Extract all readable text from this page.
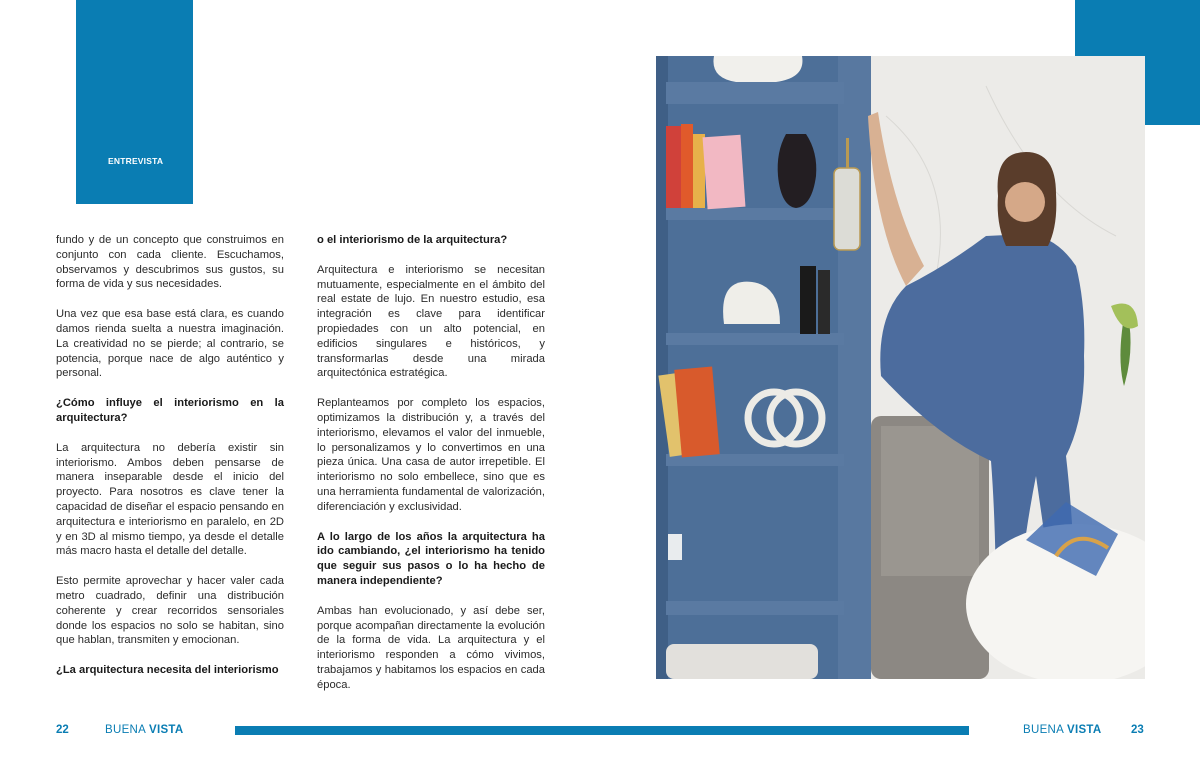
ENTREVISTA

fundo y de un concepto que construimos en conjunto con cada cliente. Escuchamos, observamos y descubrimos sus gustos, su forma de vida y sus necesidades.

Una vez que esa base está clara, es cuando damos rienda suelta a nuestra imaginación. La creatividad no se pierde; al contrario, se potencia, porque nace de algo auténtico y personal.

¿Cómo influye el interiorismo en la arquitectura?

La arquitectura no debería existir sin interiorismo. Ambos deben pensarse de manera inseparable desde el inicio del proyecto. Para nosotros es clave tener la capacidad de diseñar el espacio pensando en arquitectura e interiorismo en paralelo, en 2D y en 3D al mismo tiempo, ya desde el detalle más macro hasta el detalle del detalle.

Esto permite aprovechar y hacer valer cada metro cuadrado, definir una distribución coherente y crear recorridos sensoriales donde los espacios no solo se habitan, sino que hablan, transmiten y emocionan.

¿La arquitectura necesita del interiorismo

o el interiorismo de la arquitectura?

Arquitectura e interiorismo se necesitan mutuamente, especialmente en el ámbito del real estate de lujo. En nuestro estudio, esa integración es clave para identificar propiedades con un alto potencial, en edificios singulares e históricos, y transformarlas desde una mirada arquitectónica estratégica.

Replanteamos por completo los espacios, optimizamos la distribución y, a través del interiorismo, elevamos el valor del inmueble, lo personalizamos y lo convertimos en una pieza única. Una casa de autor irrepetible. El interiorismo no solo embellece, sino que es una herramienta fundamental de valorización, diferenciación y exclusividad.

A lo largo de los años la arquitectura ha ido cambiando, ¿el interiorismo ha tenido que seguir sus pasos o lo ha hecho de manera independiente?

Ambas han evolucionado, y así debe ser, porque acompañan directamente la evolución de la forma de vida. La arquitectura y el interiorismo responden a cómo vivimos, trabajamos y habitamos los espacios en cada época.

22	BUENA VISTA	BUENA VISTA	23
